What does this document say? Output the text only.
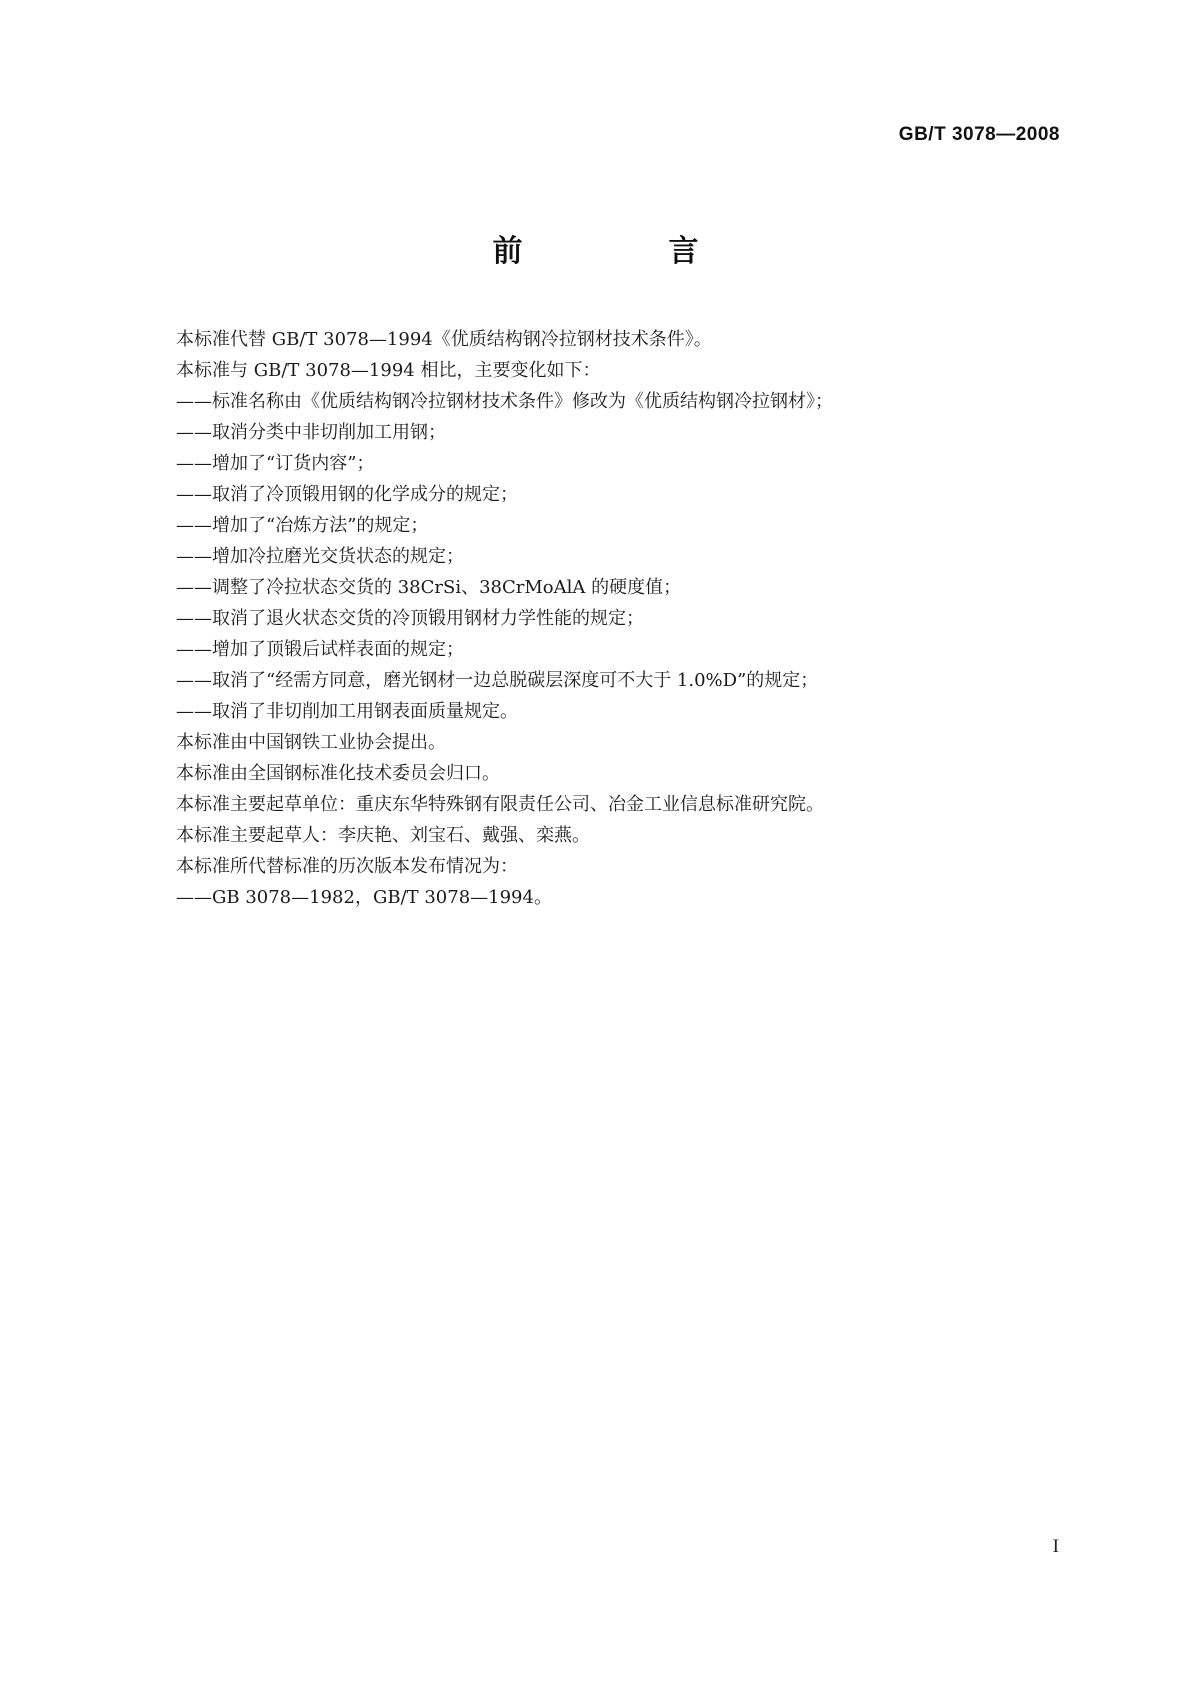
GB/T 3078—2008
前　言
本标准代替 GB/T 3078—1994《优质结构钢冷拉钢材技术条件》。
本标准与 GB/T 3078—1994 相比，主要变化如下：
——标准名称由《优质结构钢冷拉钢材技术条件》修改为《优质结构钢冷拉钢材》；
——取消分类中非切削加工用钢；
——增加了“订货内容”；
——取消了冷顶锻用钢的化学成分的规定；
——增加了“冶炼方法”的规定；
——增加冷拉磨光交货状态的规定；
——调整了冷拉状态交货的 38CrSi、38CrMoAlA 的硬度值；
——取消了退火状态交货的冷顶锻用钢材力学性能的规定；
——增加了顶锻后试样表面的规定；
——取消了“经需方同意，磨光钢材一边总脱碳层深度可不大于 1.0%D”的规定；
——取消了非切削加工用钢表面质量规定。
本标准由中国钢铁工业协会提出。
本标准由全国钢标准化技术委员会归口。
本标准主要起草单位：重庆东华特殊钢有限责任公司、冶金工业信息标准研究院。
本标准主要起草人：李庆艳、刘宝石、戴强、栾燕。
本标准所代替标准的历次版本发布情况为：
——GB 3078—1982，GB/T 3078—1994。
I
